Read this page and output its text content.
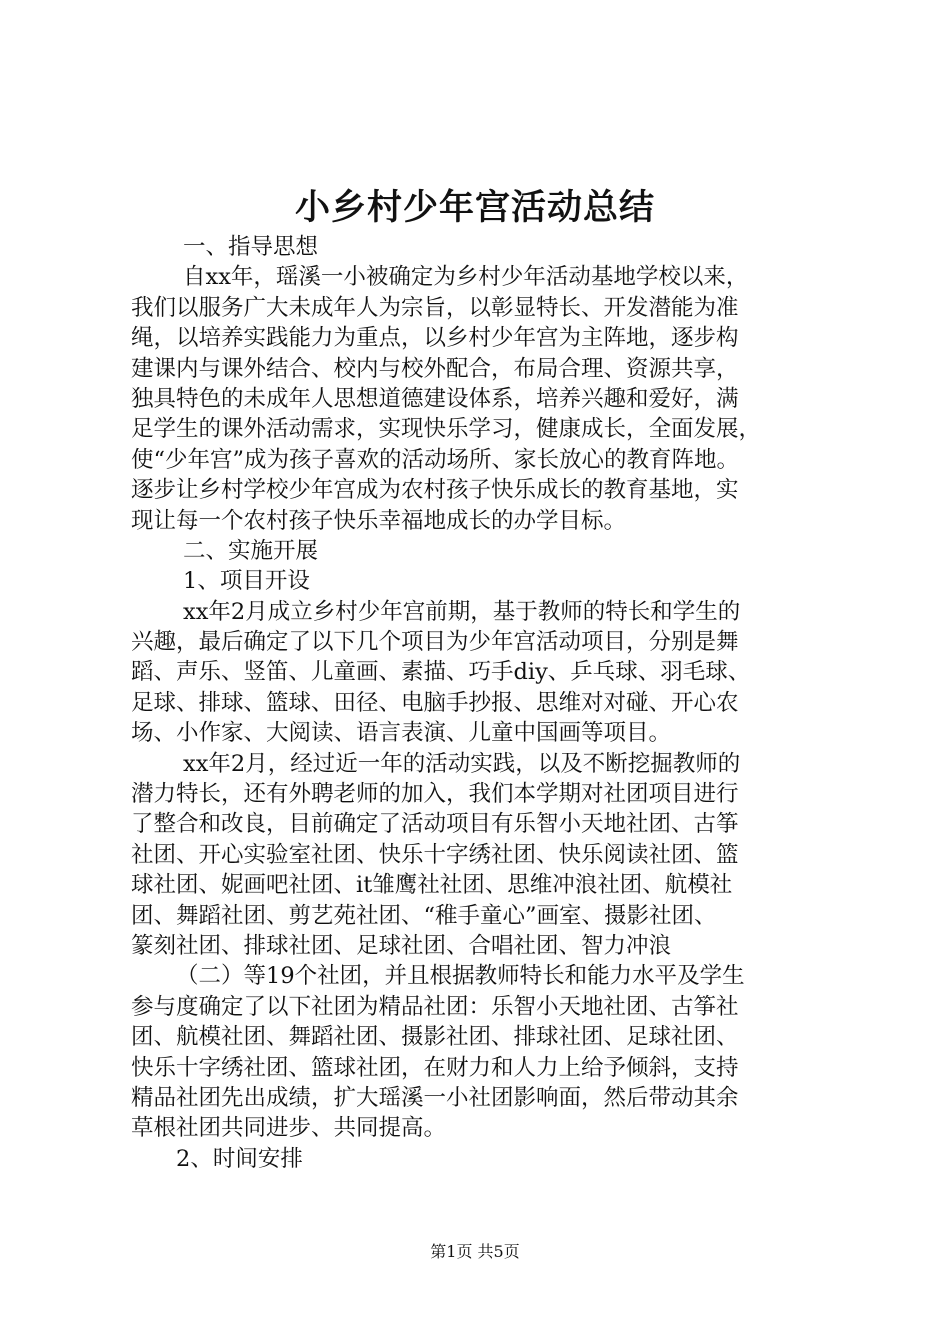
小乡村少年宫活动总结
一、指导思想
自xx年，瑶溪一小被确定为乡村少年活动基地学校以来，
我们以服务广大未成年人为宗旨，以彰显特长、开发潜能为准
绳，以培养实践能力为重点，以乡村少年宫为主阵地，逐步构
建课内与课外结合、校内与校外配合，布局合理、资源共享，
独具特色的未成年人思想道德建设体系，培养兴趣和爱好，满
足学生的课外活动需求，实现快乐学习，健康成长，全面发展，
使“少年宫”成为孩子喜欢的活动场所、家长放心的教育阵地。
逐步让乡村学校少年宫成为农村孩子快乐成长的教育基地，实
现让每一个农村孩子快乐幸福地成长的办学目标。
二、实施开展
1、项目开设
xx年2月成立乡村少年宫前期，基于教师的特长和学生的
兴趣，最后确定了以下几个项目为少年宫活动项目，分别是舞
蹈、声乐、竖笛、儿童画、素描、巧手diy、乒乓球、羽毛球、
足球、排球、篮球、田径、电脑手抄报、思维对对碰、开心农
场、小作家、大阅读、语言表演、儿童中国画等项目。
xx年2月，经过近一年的活动实践，以及不断挖掘教师的
潜力特长，还有外聘老师的加入，我们本学期对社团项目进行
了整合和改良，目前确定了活动项目有乐智小天地社团、古筝
社团、开心实验室社团、快乐十字绣社团、快乐阅读社团、篮
球社团、妮画吧社团、it雏鹰社社团、思维冲浪社团、航模社
团、舞蹈社团、剪艺苑社团、“稚手童心”画室、摄影社团、
篆刻社团、排球社团、足球社团、合唱社团、智力冲浪
（二）等19个社团，并且根据教师特长和能力水平及学生
参与度确定了以下社团为精品社团：乐智小天地社团、古筝社
团、航模社团、舞蹈社团、摄影社团、排球社团、足球社团、
快乐十字绣社团、篮球社团，在财力和人力上给予倾斜，支持
精品社团先出成绩，扩大瑶溪一小社团影响面，然后带动其余
草根社团共同进步、共同提高。
2、时间安排
第1页 共5页
